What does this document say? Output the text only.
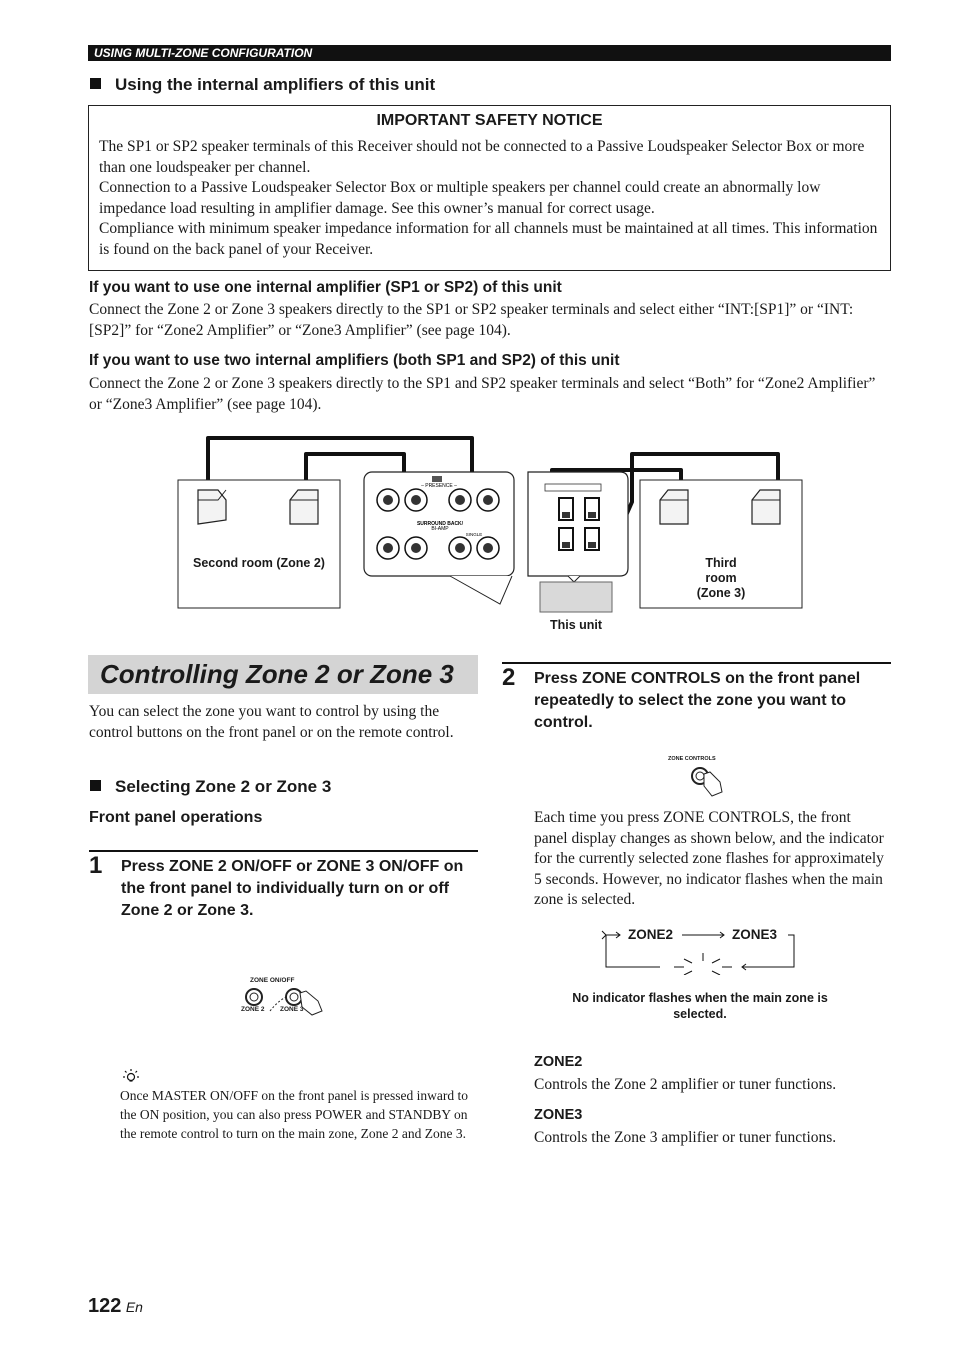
USING MULTI-ZONE CONFIGURATION
Using the internal amplifiers of this unit
IMPORTANT SAFETY NOTICE

The SP1 or SP2 speaker terminals of this Receiver should not be connected to a Passive Loudspeaker Selector Box or more than one loudspeaker per channel.

Connection to a Passive Loudspeaker Selector Box or multiple speakers per channel could create an abnormally low impedance load resulting in amplifier damage. See this owner’s manual for correct usage.

Compliance with minimum speaker impedance information for all channels must be maintained at all times. This information is found on the back panel of your Receiver.

If you want to use one internal amplifier (SP1 or SP2) of this unit
Connect the Zone 2 or Zone 3 speakers directly to the SP1 or SP2 speaker terminals and select either “INT:[SP1]” or “INT:[SP2]” for “Zone2 Amplifier” or “Zone3 Amplifier” (see page 104).
If you want to use two internal amplifiers (both SP1 and SP2) of this unit
Connect the Zone 2 or Zone 3 speakers directly to the SP1 and SP2 speaker terminals and select “Both” for “Zone2 Amplifier” or “Zone3 Amplifier” (see page 104).
– PRESENCE –
SURROUND BACK/
BI-AMP
SINGLE
Second room (Zone 2)	Third room (Zone 3)
This unit
Controlling Zone 2 or Zone 3
You can select the zone you want to control by using the control buttons on the front panel or on the remote control.
Selecting Zone 2 or Zone 3
Front panel operations
1 Press ZONE 2 ON/OFF or ZONE 3 ON/OFF on the front panel to individually turn on or off Zone 2 or Zone 3.
ZONE ON/OFF
ZONE 2 ZONE 3
Once MASTER ON/OFF on the front panel is pressed inward to the ON position, you can also press POWER and STANDBY on the remote control to turn on the main zone, Zone 2 and Zone 3.
2 Press ZONE CONTROLS on the front panel repeatedly to select the zone you want to control.
ZONE CONTROLS
Each time you press ZONE CONTROLS, the front panel display changes as shown below, and the indicator for the currently selected zone flashes for approximately 5 seconds. However, no indicator flashes when the main zone is selected.
ZONE2	ZONE3
No indicator flashes when the main zone is selected.
ZONE2
Controls the Zone 2 amplifier or tuner functions.
ZONE3
Controls the Zone 3 amplifier or tuner functions.
122 En
